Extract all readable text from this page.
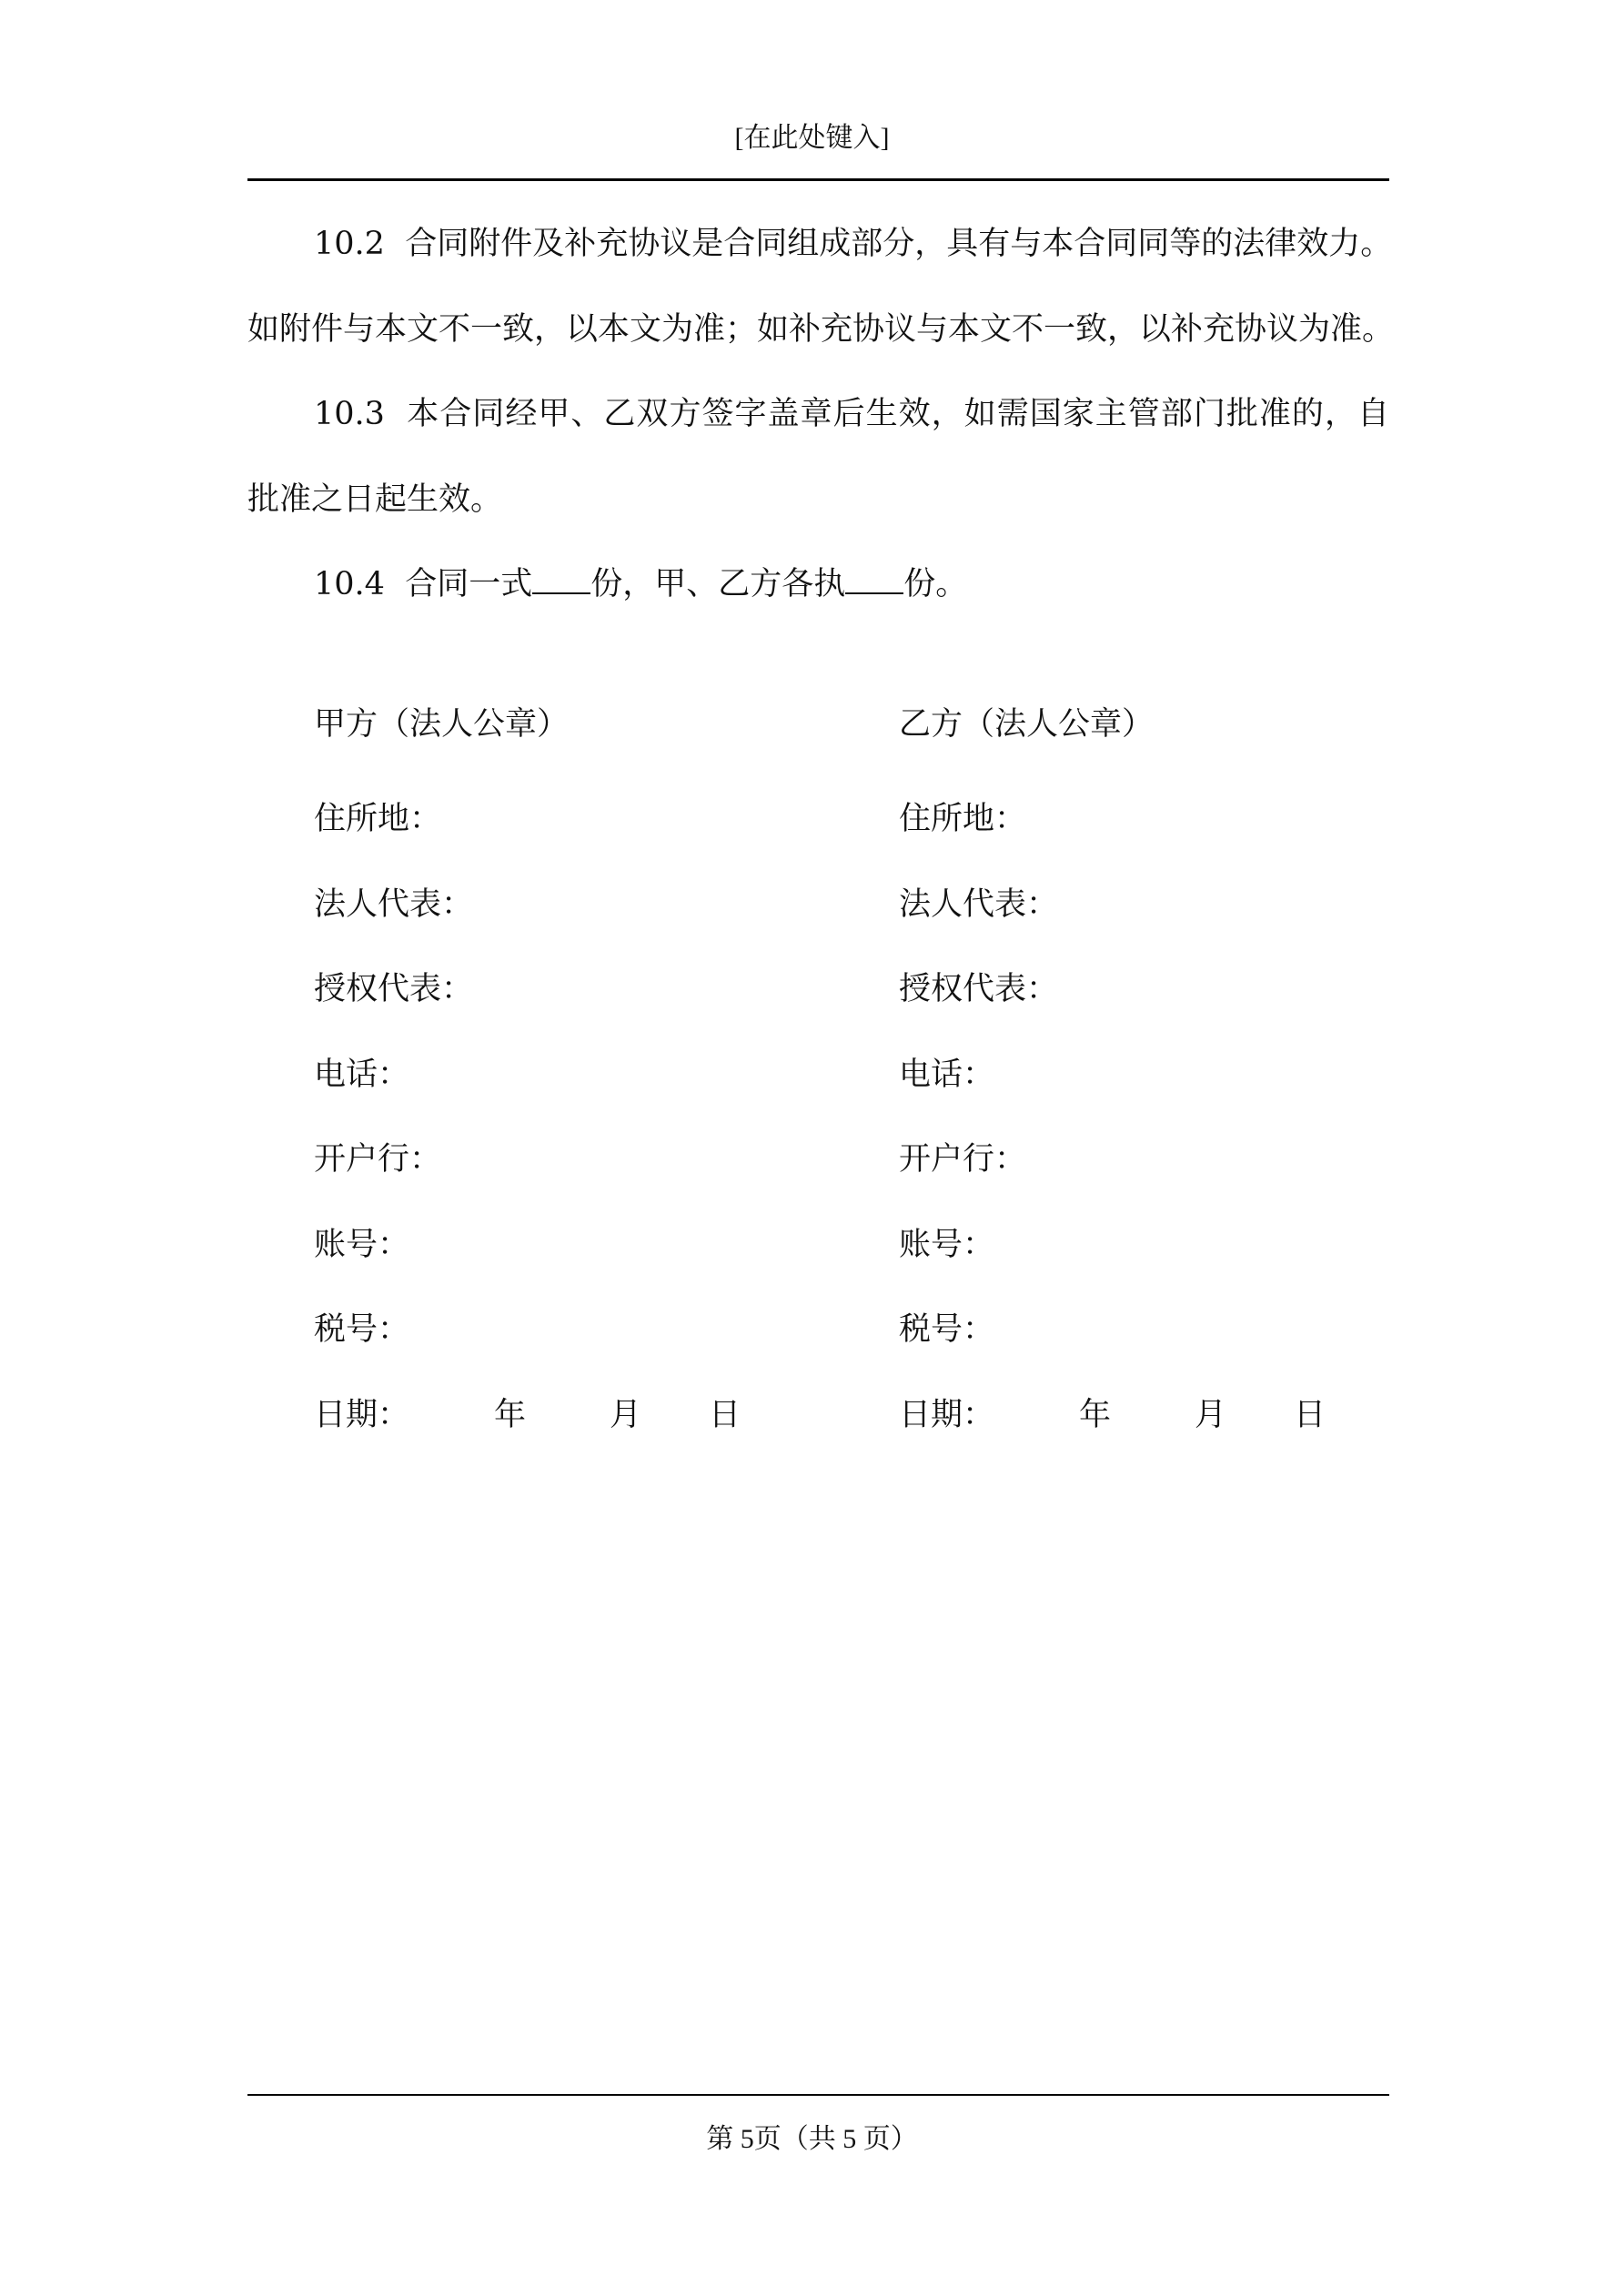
[在此处键入]
10.2 合同附件及补充协议是合同组成部分，具有与本合同同等的法律效力。
如附件与本文不一致，以本文为准；如补充协议与本文不一致，以补充协议为准。
10.3 本合同经甲、乙双方签字盖章后生效，如需国家主管部门批准的，自
批准之日起生效。
10.4 合同一式 份，甲、乙方各执 份。
甲方（法人公章）
住所地：
法人代表：
授权代表：
电话：
开户行：
账号：
税号：
日期：	年	月 日
乙方（法人公章）
住所地：
法人代表：
授权代表：
电话：
开户行：
账号：
税号：
日期：	年	月 日
第 5页（共 5 页）
